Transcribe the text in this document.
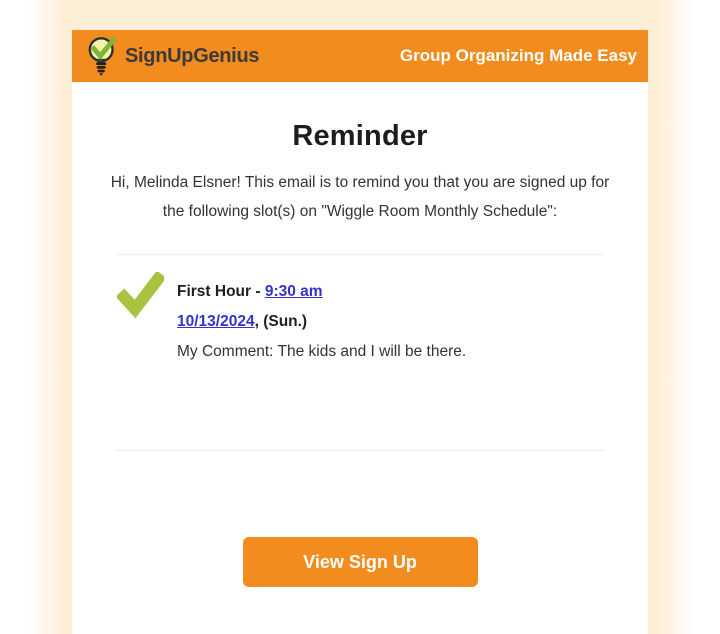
SignUpGenius	Group Organizing Made Easy
Reminder

Hi, Melinda Elsner! This email is to remind you that you are signed up for the following slot(s) on "Wiggle Room Monthly Schedule":

First Hour - 9:30 am
10/13/2024, (Sun.)
My Comment: The kids and I will be there.
View Sign Up
